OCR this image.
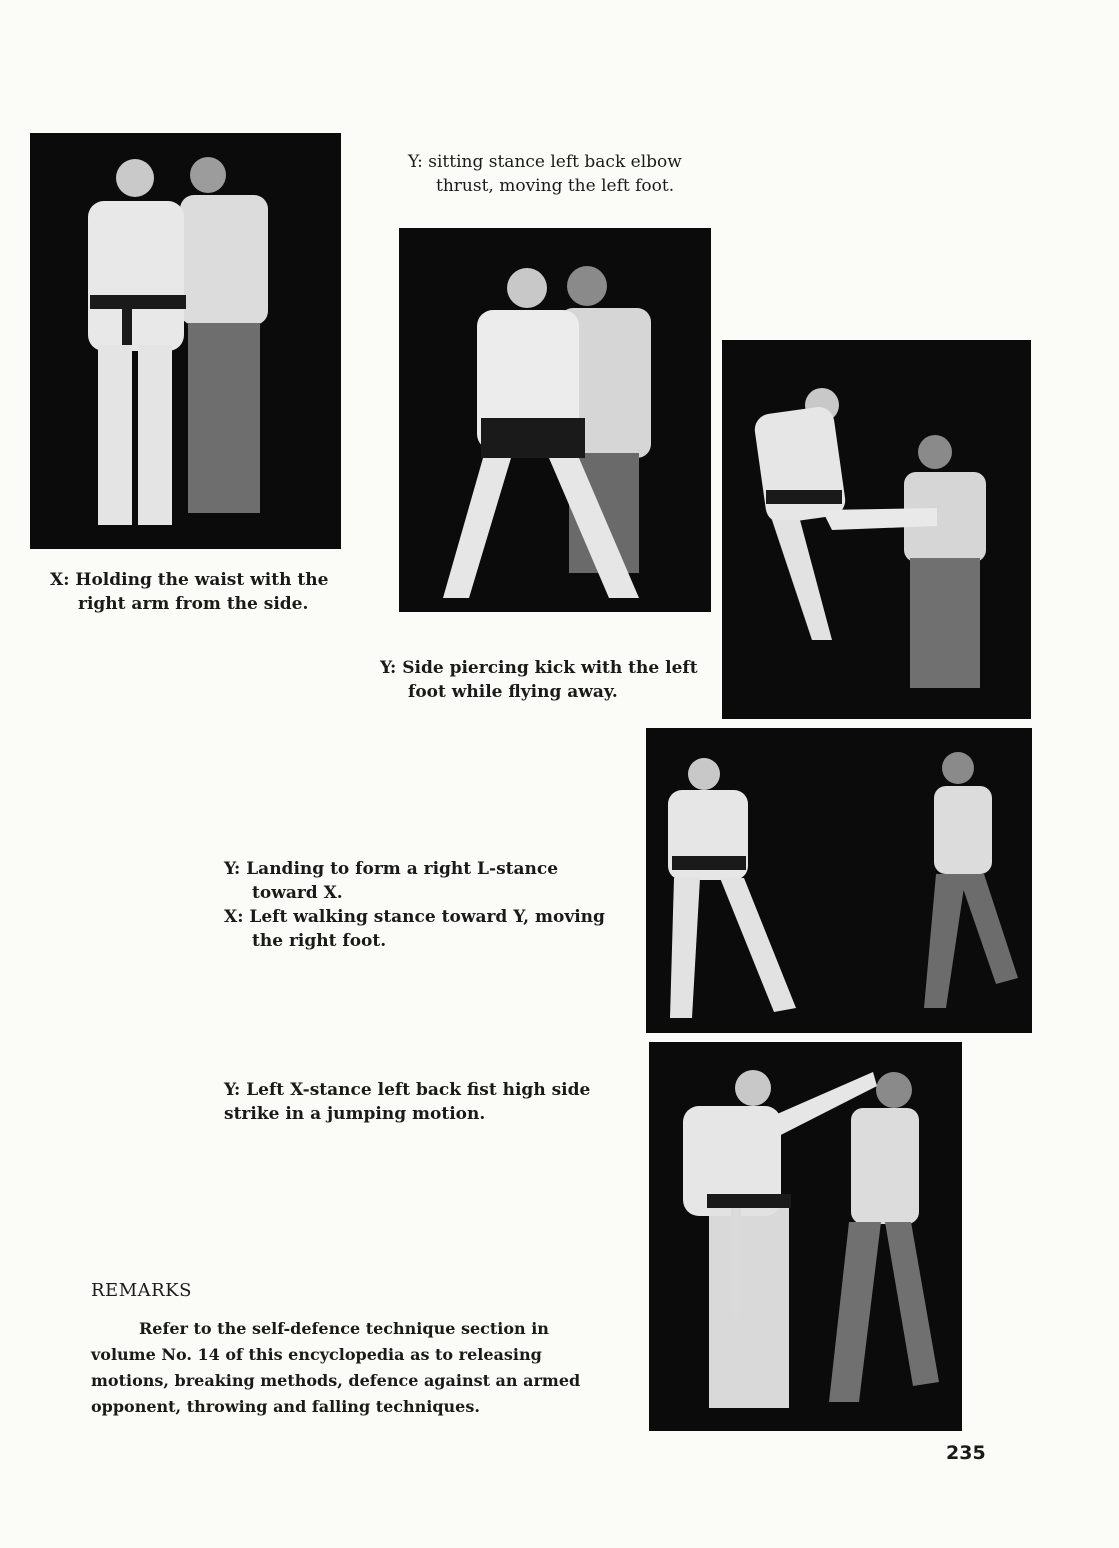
X: Holding the waist with the right arm from the side.

Y: sitting stance left back elbow thrust, moving the left foot.

Y: Side piercing kick with the left foot while flying away.

Y: Landing to form a right L-stance toward X.

X: Left walking stance toward Y, moving the right foot.

Y: Left X-stance left back fist high side strike in a jumping motion.

REMARKS

Refer to the self-defence technique section in volume No. 14 of this encyclopedia as to releasing motions, breaking methods, defence against an armed opponent, throwing and falling techniques.

235
